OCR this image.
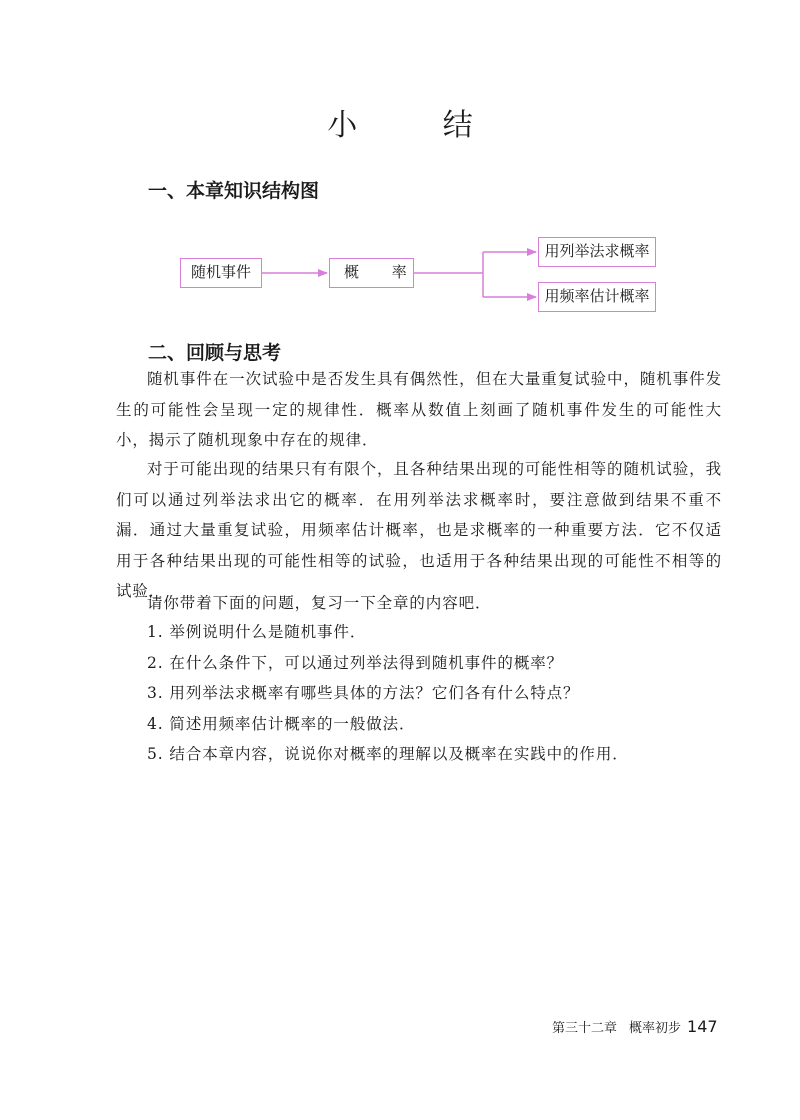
小 结
一、本章知识结构图
随机事件	概 率
用列举法求概率
用频率估计概率
二、回顾与思考

随机事件在一次试验中是否发生具有偶然性，但在大量重复试验中，随机事件发生的可能性会呈现一定的规律性．概率从数值上刻画了随机事件发生的可能性大小，揭示了随机现象中存在的规律．

对于可能出现的结果只有有限个，且各种结果出现的可能性相等的随机试验，我们可以通过列举法求出它的概率．在用列举法求概率时，要注意做到结果不重不漏．通过大量重复试验，用频率估计概率，也是求概率的一种重要方法．它不仅适用于各种结果出现的可能性相等的试验，也适用于各种结果出现的可能性不相等的试验．

请你带着下面的问题，复习一下全章的内容吧．

1. 举例说明什么是随机事件．
2. 在什么条件下，可以通过列举法得到随机事件的概率？
3. 用列举法求概率有哪些具体的方法？它们各有什么特点？
4. 简述用频率估计概率的一般做法．
5. 结合本章内容，说说你对概率的理解以及概率在实践中的作用．
第三十二章 概率初步 147
